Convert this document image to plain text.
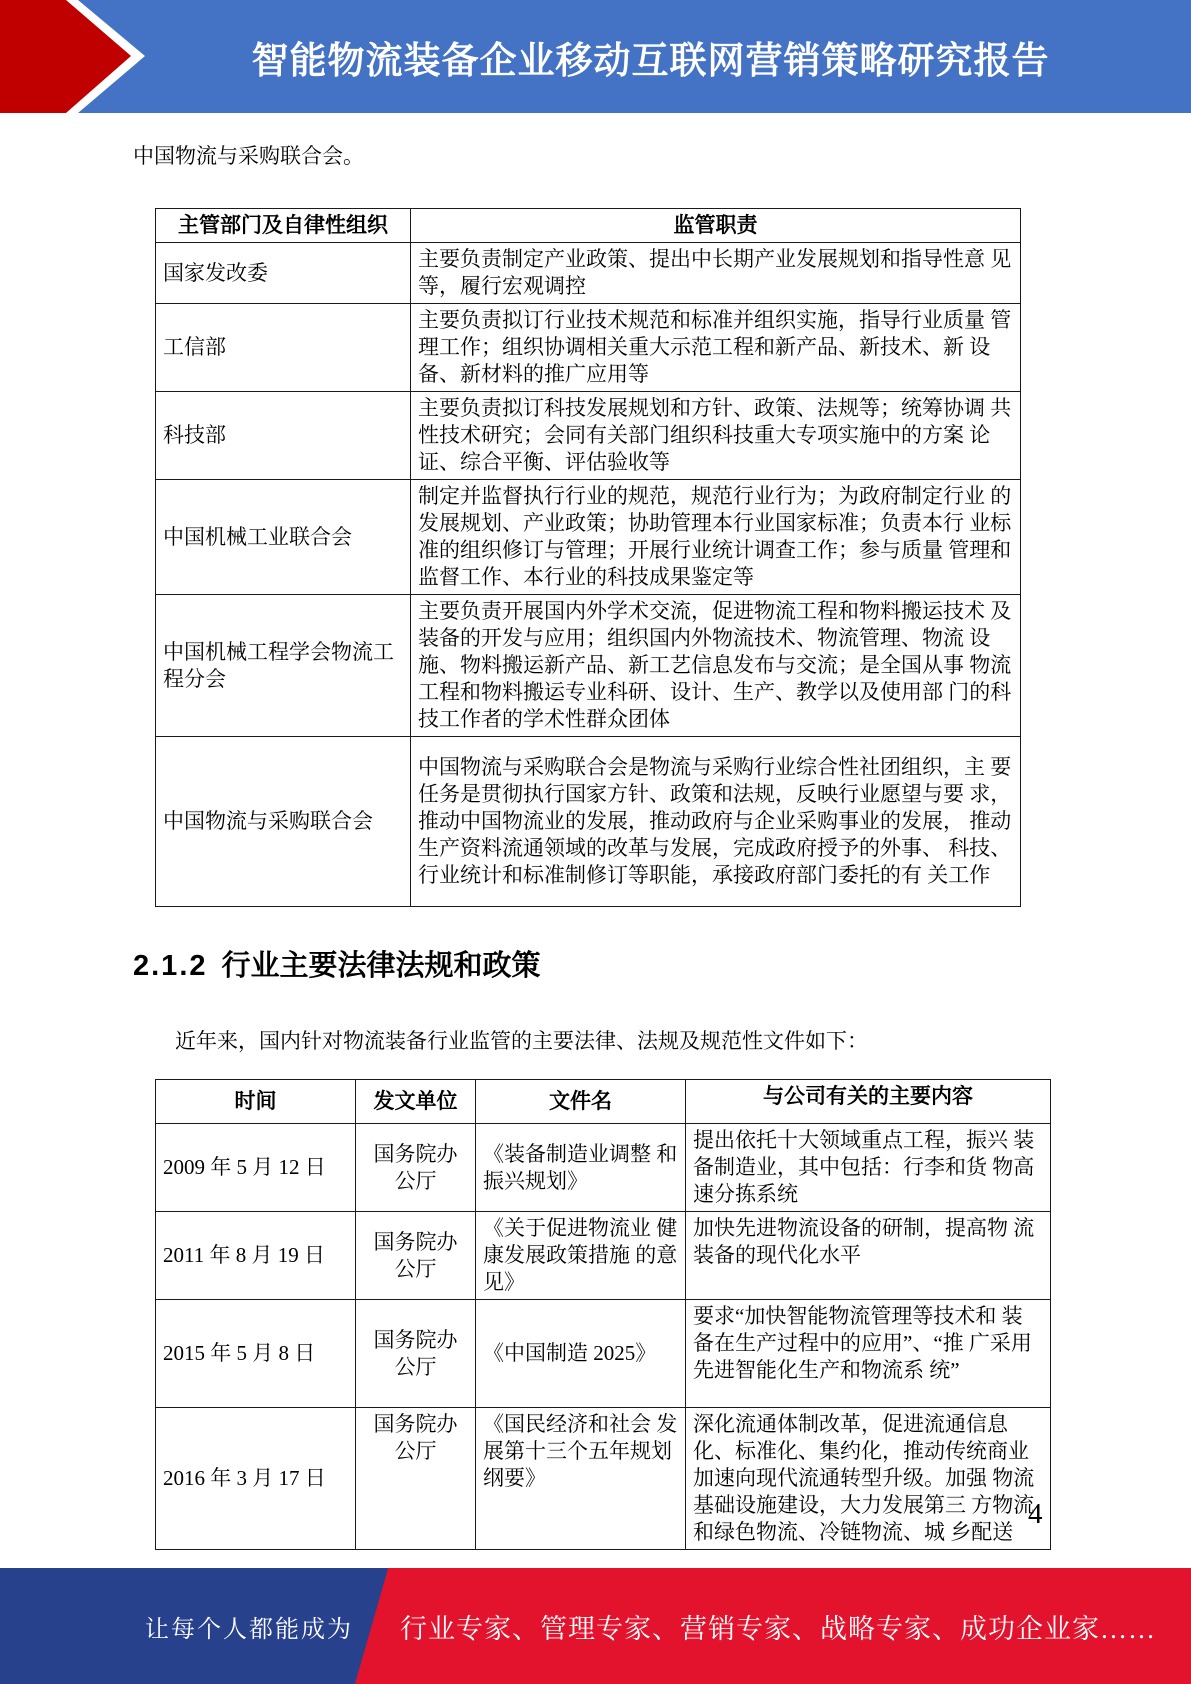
智能物流装备企业移动互联网营销策略研究报告
中国物流与采购联合会。
主管部门及自律性组织	监管职责
国家发改委	主要负责制定产业政策、提出中长期产业发展规划和指导性意 见等，履行宏观调控
工信部	主要负责拟订行业技术规范和标准并组织实施，指导行业质量 管理工作；组织协调相关重大示范工程和新产品、新技术、新 设备、新材料的推广应用等
科技部	主要负责拟订科技发展规划和方针、政策、法规等；统筹协调 共性技术研究；会同有关部门组织科技重大专项实施中的方案 论证、综合平衡、评估验收等
中国机械工业联合会	制定并监督执行行业的规范，规范行业行为；为政府制定行业 的发展规划、产业政策；协助管理本行业国家标准；负责本行 业标准的组织修订与管理；开展行业统计调查工作；参与质量 管理和监督工作、本行业的科技成果鉴定等
中国机械工程学会物流工 程分会	主要负责开展国内外学术交流，促进物流工程和物料搬运技术 及装备的开发与应用；组织国内外物流技术、物流管理、物流 设施、物料搬运新产品、新工艺信息发布与交流；是全国从事 物流工程和物料搬运专业科研、设计、生产、教学以及使用部 门的科技工作者的学术性群众团体
中国物流与采购联合会	中国物流与采购联合会是物流与采购行业综合性社团组织，主 要任务是贯彻执行国家方针、政策和法规，反映行业愿望与要 求，推动中国物流业的发展，推动政府与企业采购事业的发展， 推动生产资料流通领域的改革与发展，完成政府授予的外事、 科技、行业统计和标准制修订等职能，承接政府部门委托的有 关工作
2.1.2 行业主要法律法规和政策
近年来，国内针对物流装备行业监管的主要法律、法规及规范性文件如下：
时间	发文单位	文件名	与公司有关的主要内容
2009 年 5 月 12 日	国务院办 公厅	《装备制造业调整 和振兴规划》	提出依托十大领域重点工程，振兴 装备制造业，其中包括：行李和货 物高速分拣系统
2011 年 8 月 19 日	国务院办 公厅	《关于促进物流业 健康发展政策措施 的意见》	加快先进物流设备的研制，提高物 流装备的现代化水平
2015 年 5 月 8 日	国务院办 公厅	《中国制造 2025》	要求“加快智能物流管理等技术和 装备在生产过程中的应用”、“推 广采用先进智能化生产和物流系 统”
2016 年 3 月 17 日	国务院办 公厅	《国民经济和社会 发展第十三个五年规划纲要》	深化流通体制改革，促进流通信息 化、标准化、集约化，推动传统商业 加速向现代流通转型升级。加强 物流 基础设施建设，大力发展第三 方物流 和绿色物流、冷链物流、城 乡配送
4
让每个人都能成为 行业专家、管理专家、营销专家、战略专家、成功企业家……
